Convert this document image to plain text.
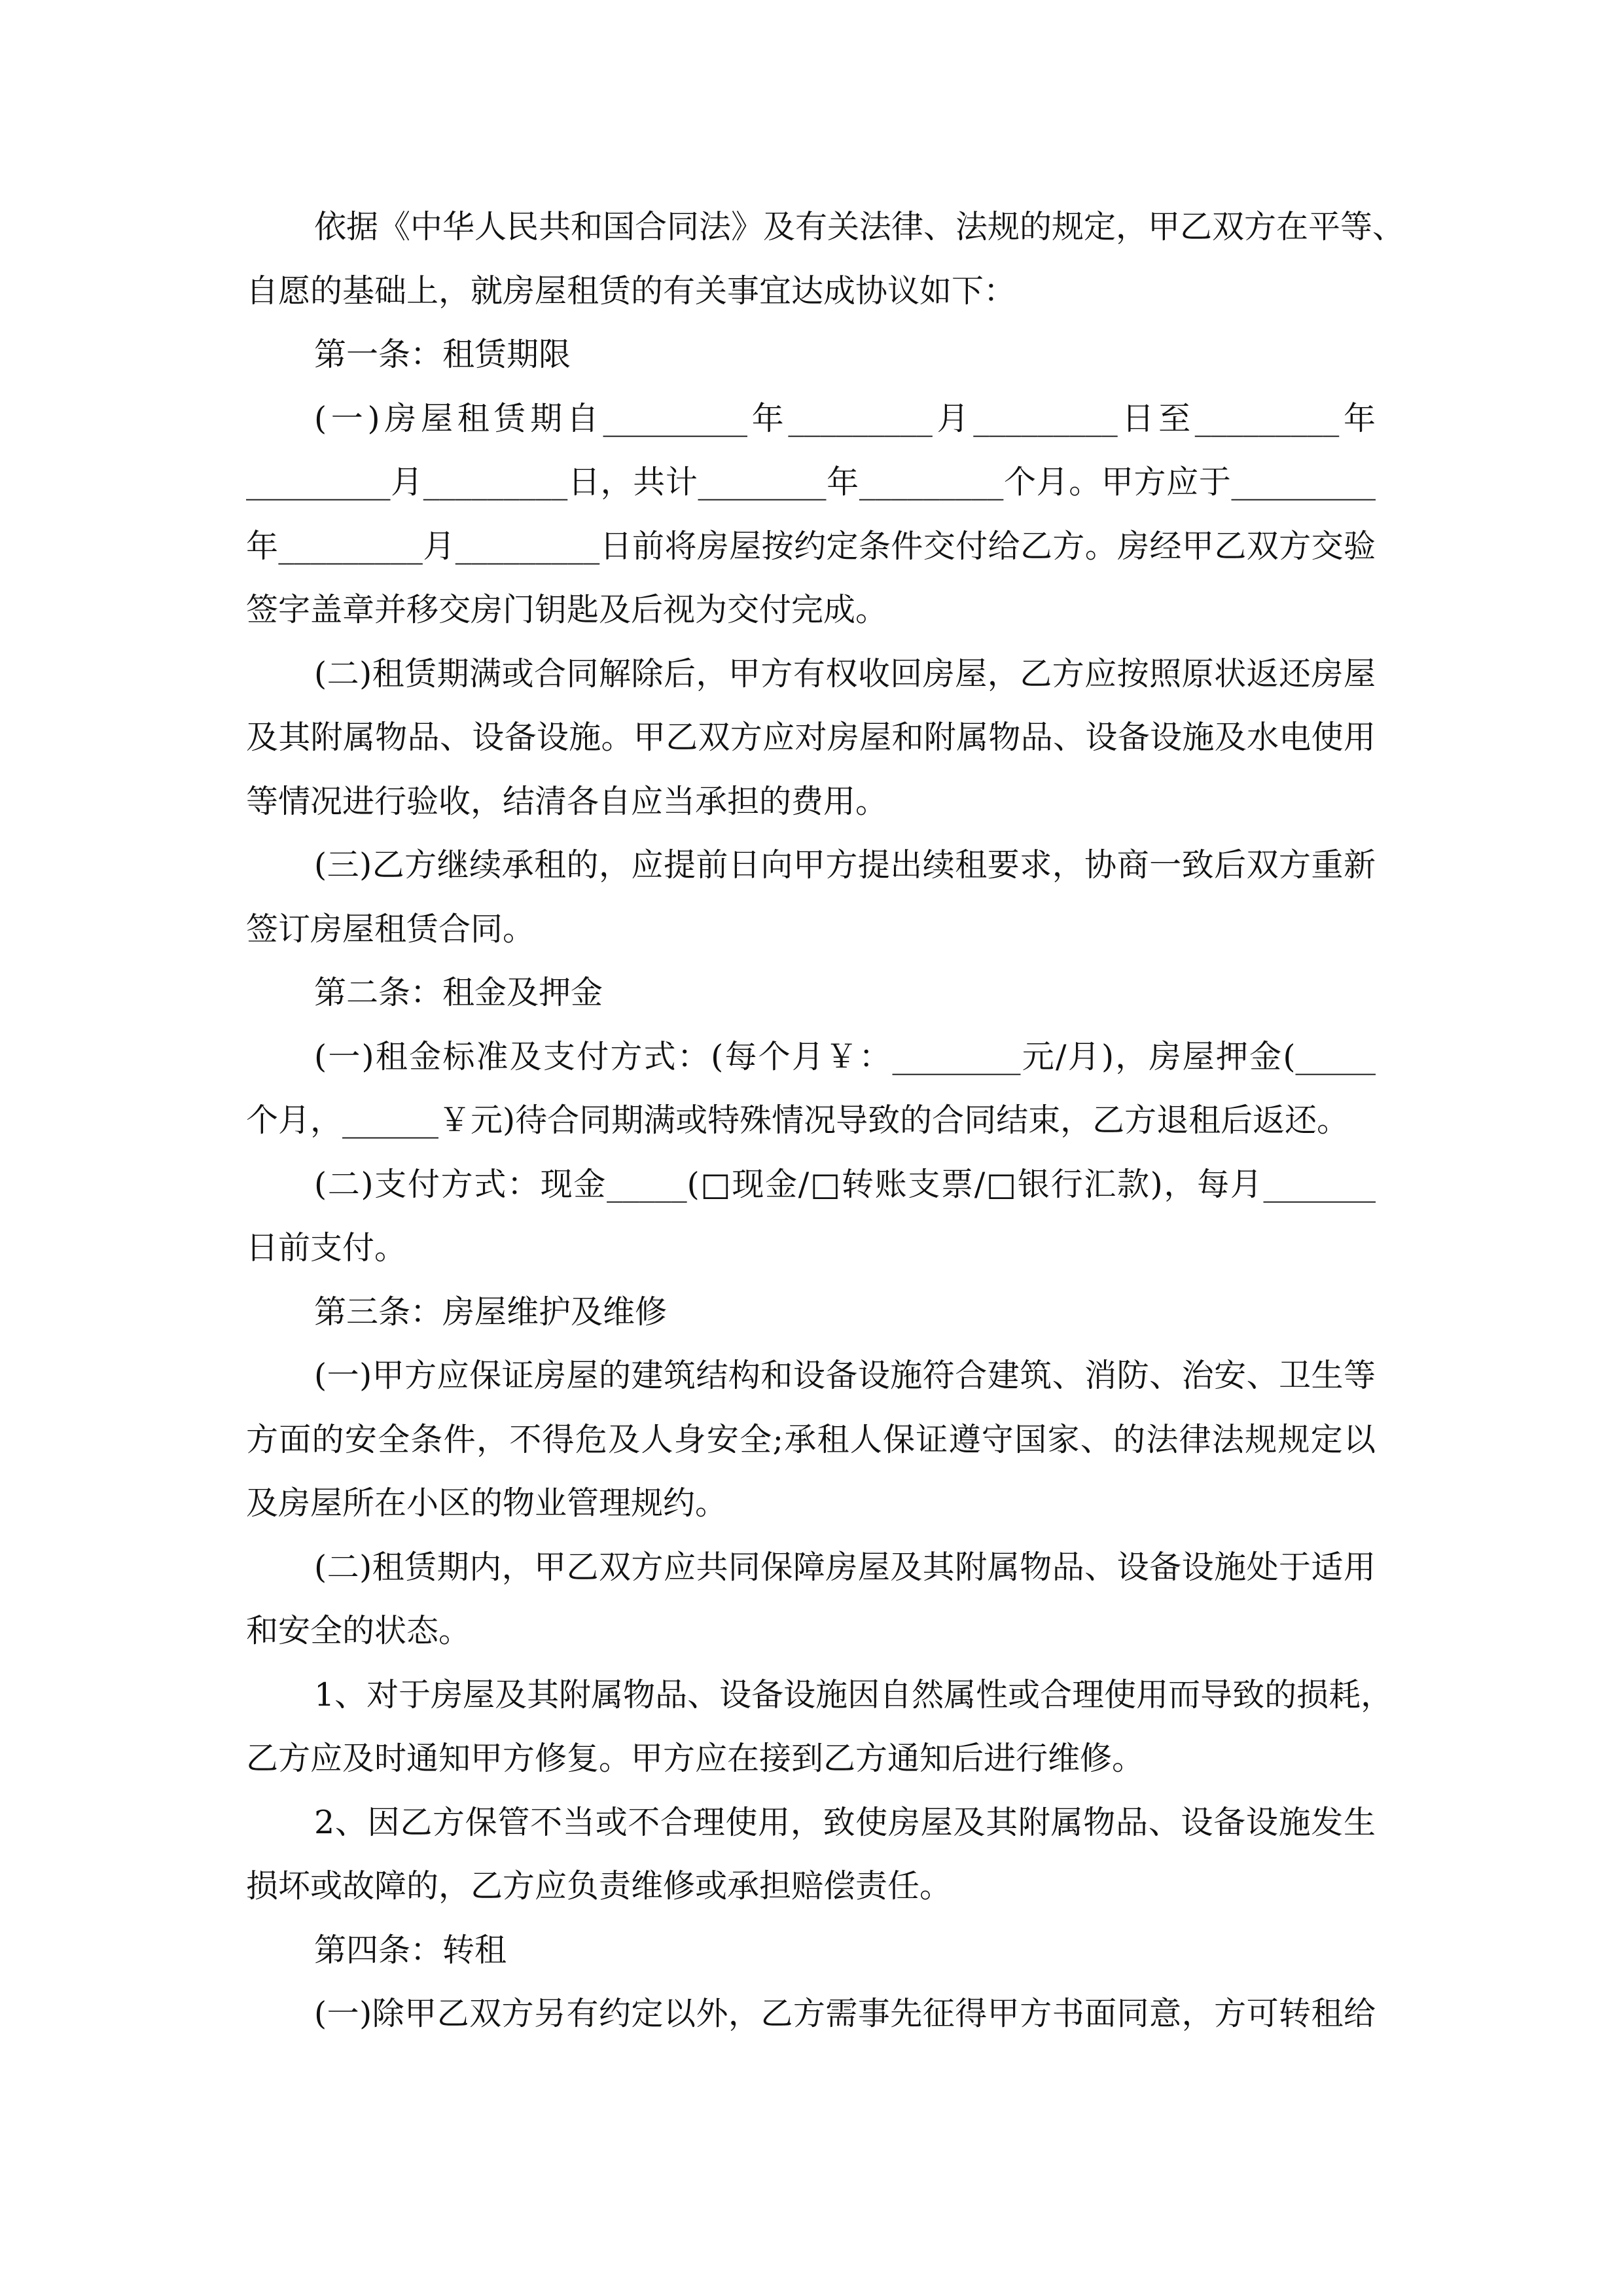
依据《中华人民共和国合同法》及有关法律、法规的规定，甲乙双方在平等、
自愿的基础上，就房屋租赁的有关事宜达成协议如下：
第一条：租赁期限
(一)房屋租赁期自_________年_________月_________日至_________年
_________月_________日，共计________年_________个月。甲方应于_________
年_________月_________日前将房屋按约定条件交付给乙方。房经甲乙双方交验
签字盖章并移交房门钥匙及后视为交付完成。
(二)租赁期满或合同解除后，甲方有权收回房屋，乙方应按照原状返还房屋
及其附属物品、设备设施。甲乙双方应对房屋和附属物品、设备设施及水电使用
等情况进行验收，结清各自应当承担的费用。
(三)乙方继续承租的，应提前日向甲方提出续租要求，协商一致后双方重新
签订房屋租赁合同。
第二条：租金及押金
(一)租金标准及支付方式：(每个月￥：________元/月)，房屋押金(_____
个月，______￥元)待合同期满或特殊情况导致的合同结束，乙方退租后返还。
(二)支付方式：现金_____(□现金/□转账支票/□银行汇款)，每月_______
日前支付。
第三条：房屋维护及维修
(一)甲方应保证房屋的建筑结构和设备设施符合建筑、消防、治安、卫生等
方面的安全条件，不得危及人身安全;承租人保证遵守国家、的法律法规规定以
及房屋所在小区的物业管理规约。
(二)租赁期内，甲乙双方应共同保障房屋及其附属物品、设备设施处于适用
和安全的状态。
1、对于房屋及其附属物品、设备设施因自然属性或合理使用而导致的损耗，
乙方应及时通知甲方修复。甲方应在接到乙方通知后进行维修。
2、因乙方保管不当或不合理使用，致使房屋及其附属物品、设备设施发生
损坏或故障的，乙方应负责维修或承担赔偿责任。
第四条：转租
(一)除甲乙双方另有约定以外，乙方需事先征得甲方书面同意，方可转租给
